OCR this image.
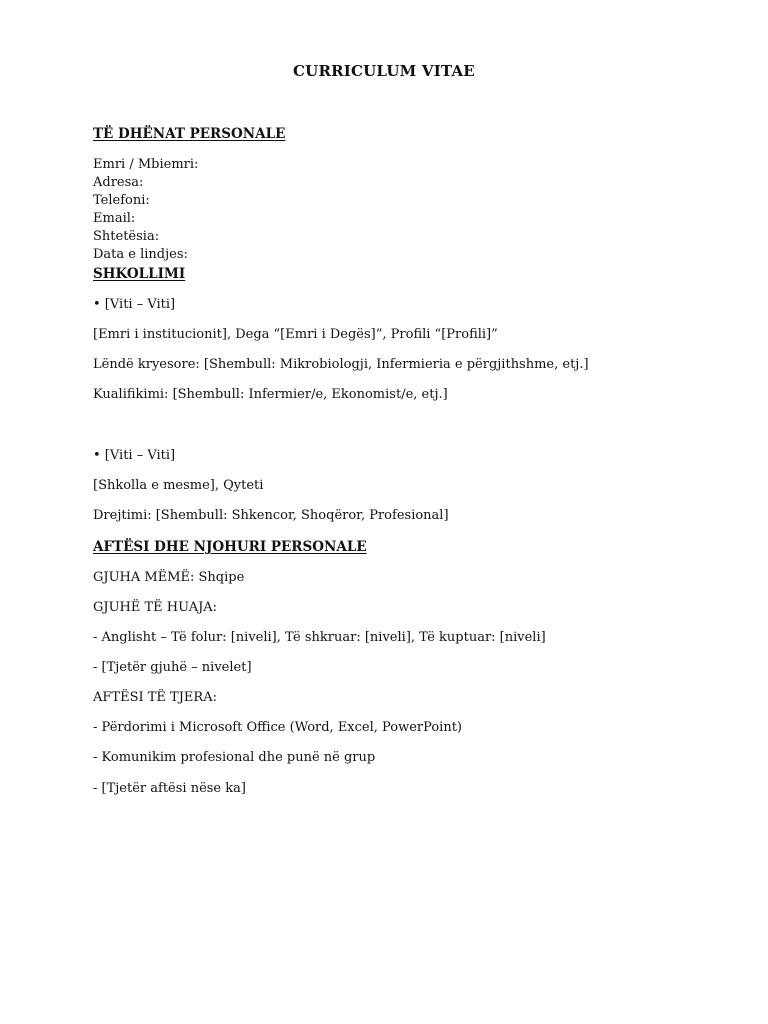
CURRICULUM VITAE
TË DHËNAT PERSONALE
Emri / Mbiemri:
Adresa:
Telefoni:
Email:
Shtetësia:
Data e lindjes:
SHKOLLIMI
• [Viti – Viti]
[Emri i institucionit], Dega “[Emri i Degës]”, Profili “[Profili]”
Lëndë kryesore: [Shembull: Mikrobiologji, Infermieria e përgjithshme, etj.]
Kualifikimi: [Shembull: Infermier/e, Ekonomist/e, etj.]
• [Viti – Viti]
[Shkolla e mesme], Qyteti
Drejtimi: [Shembull: Shkencor, Shoqëror, Profesional]
AFTËSI DHE NJOHURI PERSONALE
GJUHA MËMË: Shqipe
GJUHË TË HUAJA:
- Anglisht – Të folur: [niveli], Të shkruar: [niveli], Të kuptuar: [niveli]
- [Tjetër gjuhë – nivelet]
AFTËSI TË TJERA:
- Përdorimi i Microsoft Office (Word, Excel, PowerPoint)
- Komunikim profesional dhe punë në grup
- [Tjetër aftësi nëse ka]
